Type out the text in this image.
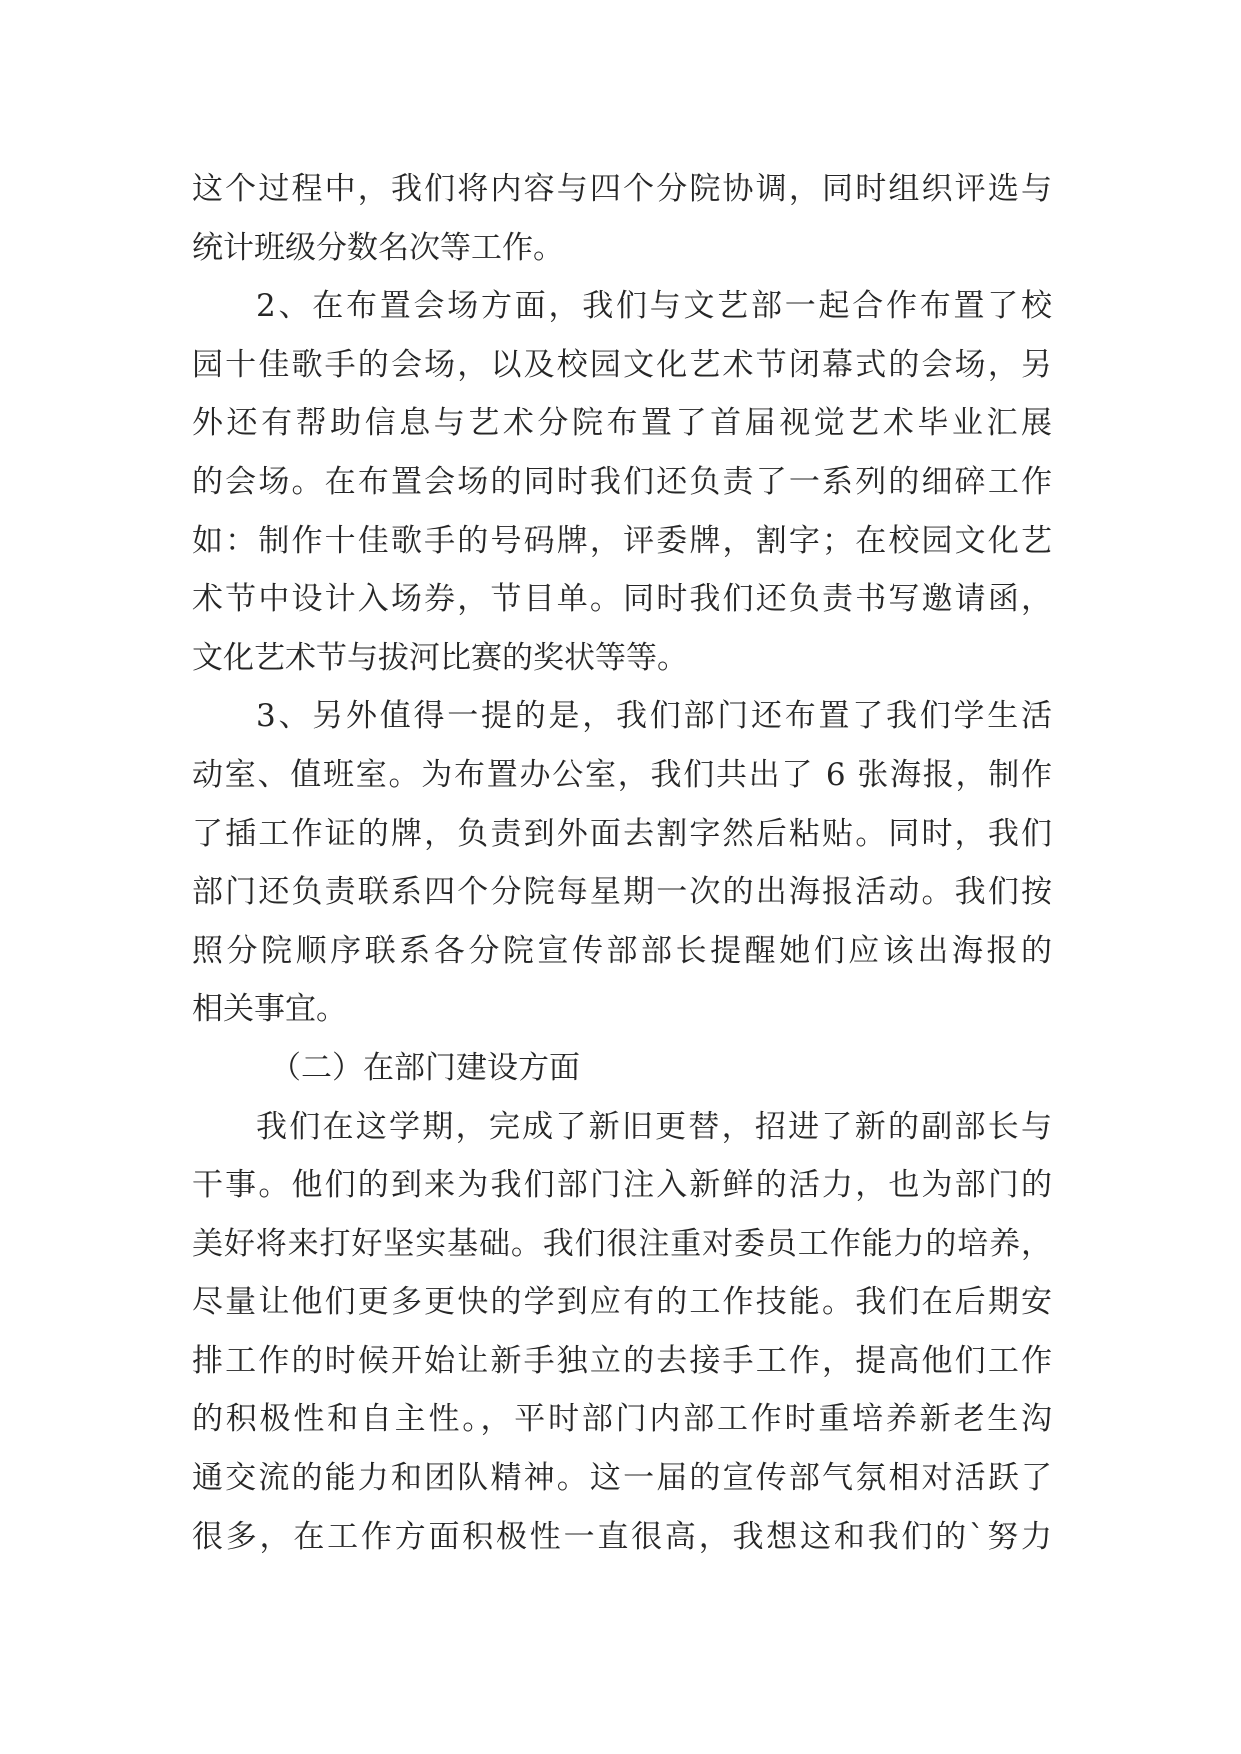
这个过程中，我们将内容与四个分院协调，同时组织评选与
统计班级分数名次等工作。
2、在布置会场方面，我们与文艺部一起合作布置了校
园十佳歌手的会场，以及校园文化艺术节闭幕式的会场，另
外还有帮助信息与艺术分院布置了首届视觉艺术毕业汇展
的会场。在布置会场的同时我们还负责了一系列的细碎工作
如：制作十佳歌手的号码牌，评委牌，割字；在校园文化艺
术节中设计入场券，节目单。同时我们还负责书写邀请函，
文化艺术节与拔河比赛的奖状等等。
3、另外值得一提的是，我们部门还布置了我们学生活
动室、值班室。为布置办公室，我们共出了 6 张海报，制作
了插工作证的牌，负责到外面去割字然后粘贴。同时，我们
部门还负责联系四个分院每星期一次的出海报活动。我们按
照分院顺序联系各分院宣传部部长提醒她们应该出海报的
相关事宜。
（二）在部门建设方面
我们在这学期，完成了新旧更替，招进了新的副部长与
干事。他们的到来为我们部门注入新鲜的活力，也为部门的
美好将来打好坚实基础。我们很注重对委员工作能力的培养，
尽量让他们更多更快的学到应有的工作技能。我们在后期安
排工作的时候开始让新手独立的去接手工作，提高他们工作
的积极性和自主性。，平时部门内部工作时重培养新老生沟
通交流的能力和团队精神。这一届的宣传部气氛相对活跃了
很多，在工作方面积极性一直很高，我想这和我们的`努力
